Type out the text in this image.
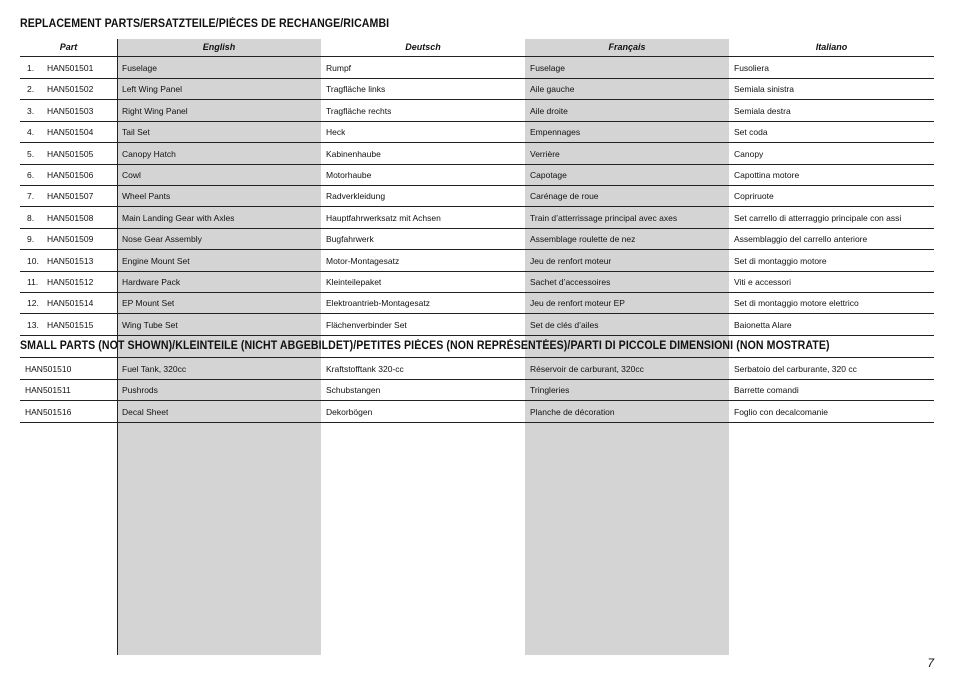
REPLACEMENT PARTS/ERSATZTEILE/PIÈCES DE RECHANGE/RICAMBI
Part	English	Deutsch	Français	Italiano
1. HAN501501	Fuselage	Rumpf	Fuselage	Fusoliera
2. HAN501502	Left Wing Panel	Tragfläche links	Aile gauche	Semiala sinistra
3. HAN501503	Right Wing Panel	Tragfläche rechts	Aile droite	Semiala destra
4. HAN501504	Tail Set	Heck	Empennages	Set coda
5. HAN501505	Canopy Hatch	Kabinenhaube	Verrière	Canopy
6. HAN501506	Cowl	Motorhaube	Capotage	Capottina motore
7. HAN501507	Wheel Pants	Radverkleidung	Carénage de roue	Copriruote
8. HAN501508	Main Landing Gear with Axles	Hauptfahrwerksatz mit Achsen	Train d’atterrissage principal avec axes	Set carrello di atterraggio principale con assi
9. HAN501509	Nose Gear Assembly	Bugfahrwerk	Assemblage roulette de nez	Assemblaggio del carrello anteriore
10. HAN501513	Engine Mount Set	Motor-Montagesatz	Jeu de renfort moteur	Set di montaggio motore
11. HAN501512	Hardware Pack	Kleinteilepaket	Sachet d’accessoires	Viti e accessori
12. HAN501514	EP Mount Set	Elektroantrieb-Montagesatz	Jeu de renfort moteur EP	Set di montaggio motore elettrico
13. HAN501515	Wing Tube Set	Flächenverbinder Set	Set de clés d’ailes	Baionetta Alare
SMALL PARTS (NOT SHOWN)/KLEINTEILE (NICHT ABGEBILDET)/PETITES PIÈCES (NON REPRÉSENTÉES)/PARTI DI PICCOLE DIMENSIONI (NON MOSTRATE)
HAN501510	Fuel Tank, 320cc	Kraftstofftank 320-cc	Réservoir de carburant, 320cc	Serbatoio del carburante, 320 cc
HAN501511	Pushrods	Schubstangen	Tringleries	Barrette comandi
HAN501516	Decal Sheet	Dekorbögen	Planche de décoration	Foglio con decalcomanie
7
